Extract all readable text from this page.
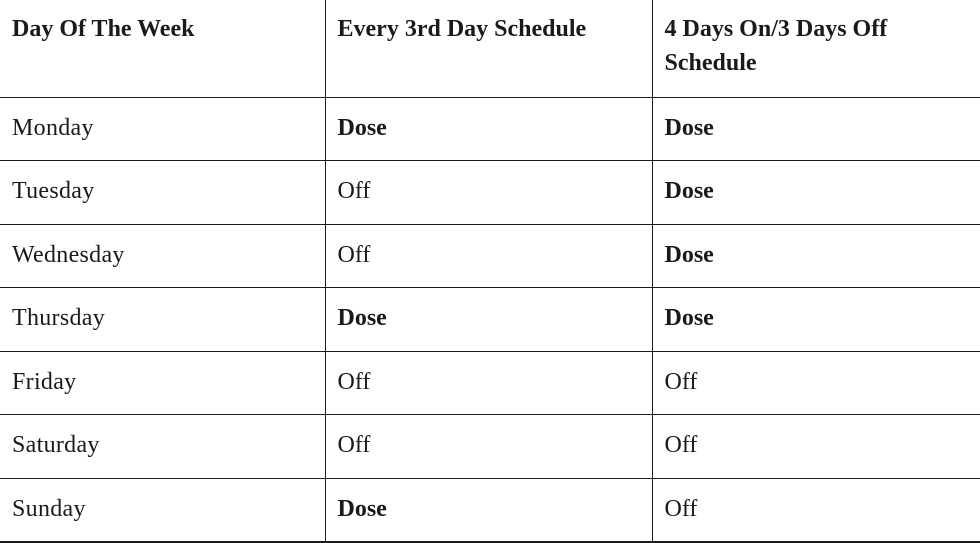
Day Of The Week	Every 3rd Day Schedule	4 Days On/3 Days Off Schedule
Monday	Dose	Dose
Tuesday	Off	Dose
Wednesday	Off	Dose
Thursday	Dose	Dose
Friday	Off	Off
Saturday	Off	Off
Sunday	Dose	Off
